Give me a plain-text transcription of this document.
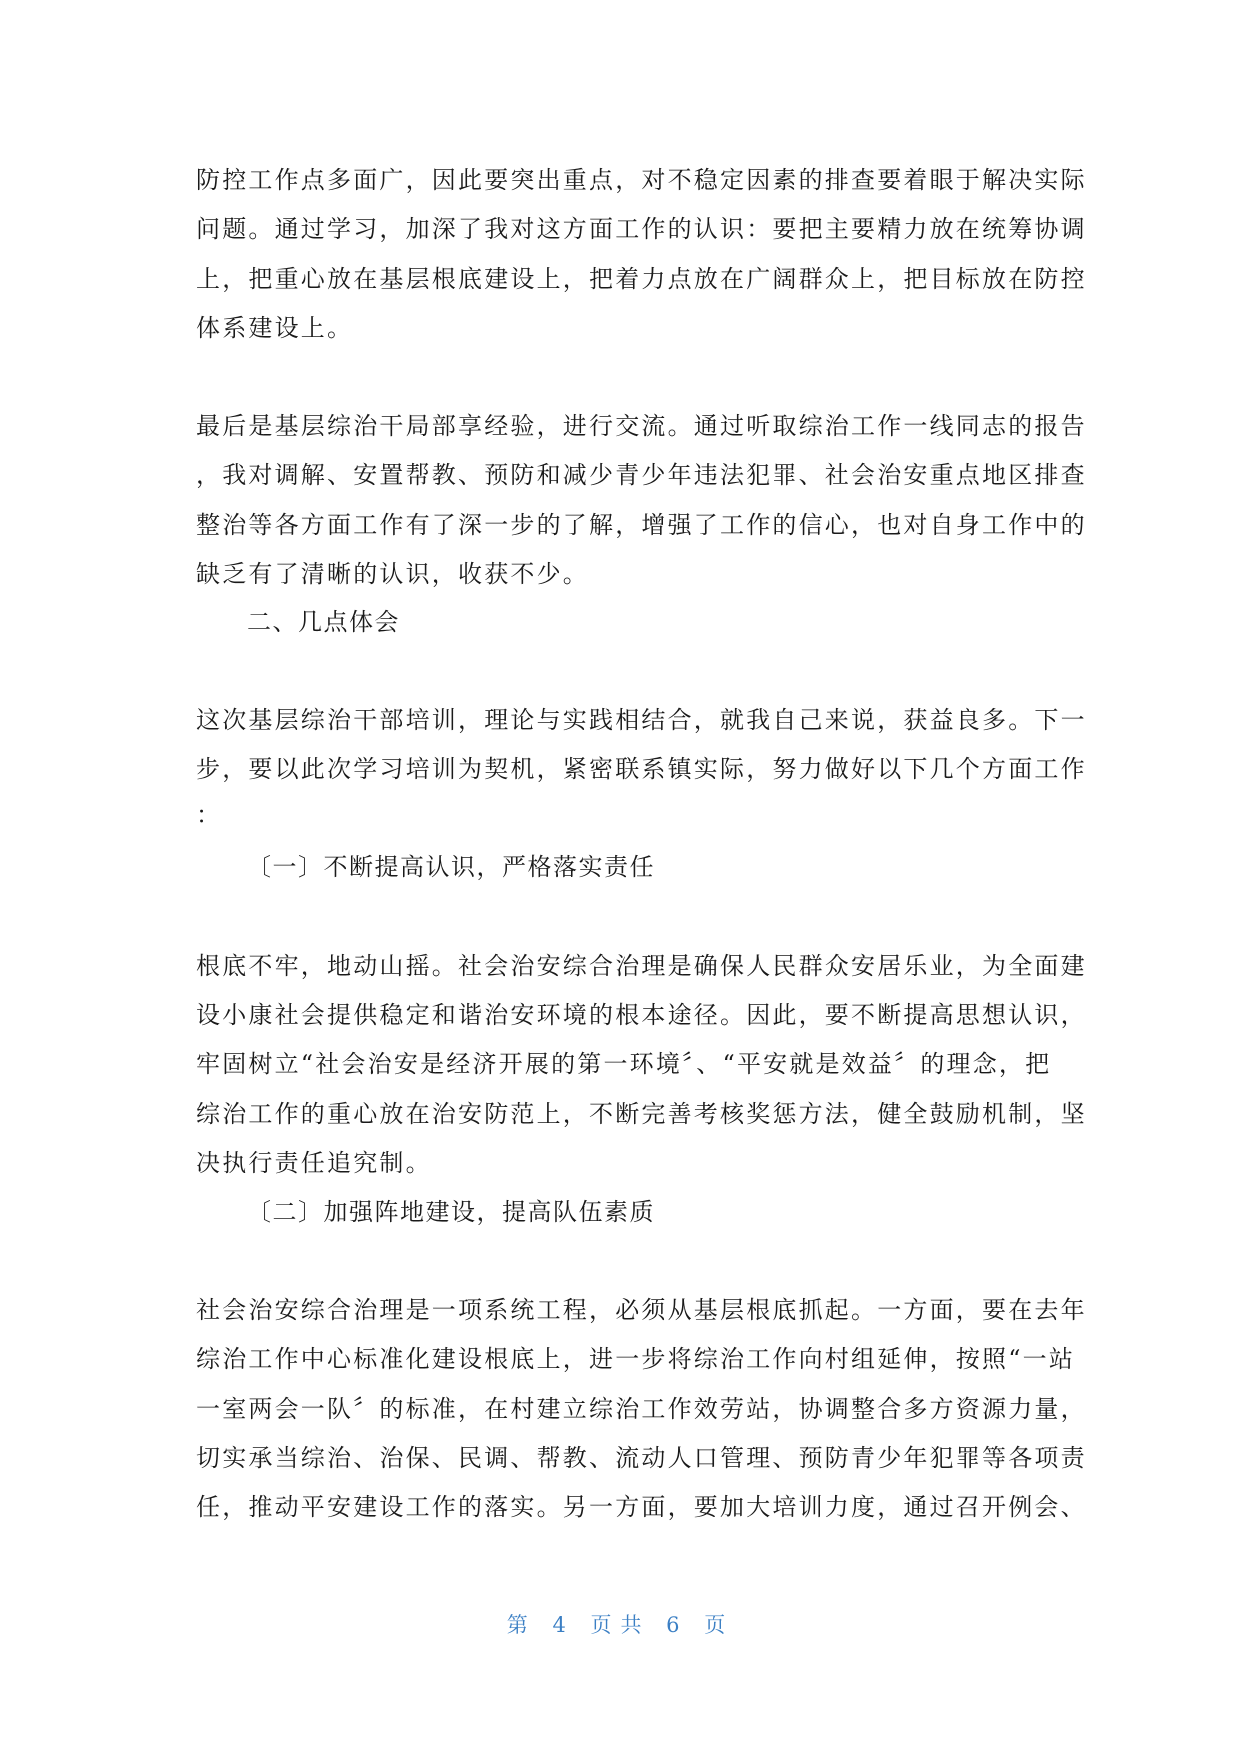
防控工作点多面广，因此要突出重点，对不稳定因素的排查要着眼于解决实际
问题。通过学习，加深了我对这方面工作的认识：要把主要精力放在统筹协调
上，把重心放在基层根底建设上，把着力点放在广阔群众上，把目标放在防控
体系建设上。
最后是基层综治干局部享经验，进行交流。通过听取综治工作一线同志的报告
，我对调解、安置帮教、预防和减少青少年违法犯罪、社会治安重点地区排查
整治等各方面工作有了深一步的了解，增强了工作的信心，也对自身工作中的
缺乏有了清晰的认识，收获不少。
二、几点体会
这次基层综治干部培训，理论与实践相结合，就我自己来说，获益良多。下一
步，要以此次学习培训为契机，紧密联系镇实际，努力做好以下几个方面工作
：
〔一〕不断提高认识，严格落实责任
根底不牢，地动山摇。社会治安综合治理是确保人民群众安居乐业，为全面建
设小康社会提供稳定和谐治安环境的根本途径。因此，要不断提高思想认识，
牢固树立“社会治安是经济开展的第一环境〞、“平安就是效益〞的理念，把
综治工作的重心放在治安防范上，不断完善考核奖惩方法，健全鼓励机制，坚
决执行责任追究制。
〔二〕加强阵地建设，提高队伍素质
社会治安综合治理是一项系统工程，必须从基层根底抓起。一方面，要在去年
综治工作中心标准化建设根底上，进一步将综治工作向村组延伸，按照“一站
一室两会一队〞的标准，在村建立综治工作效劳站，协调整合多方资源力量，
切实承当综治、治保、民调、帮教、流动人口管理、预防青少年犯罪等各项责
任，推动平安建设工作的落实。另一方面，要加大培训力度，通过召开例会、
第 4 页共 6 页
